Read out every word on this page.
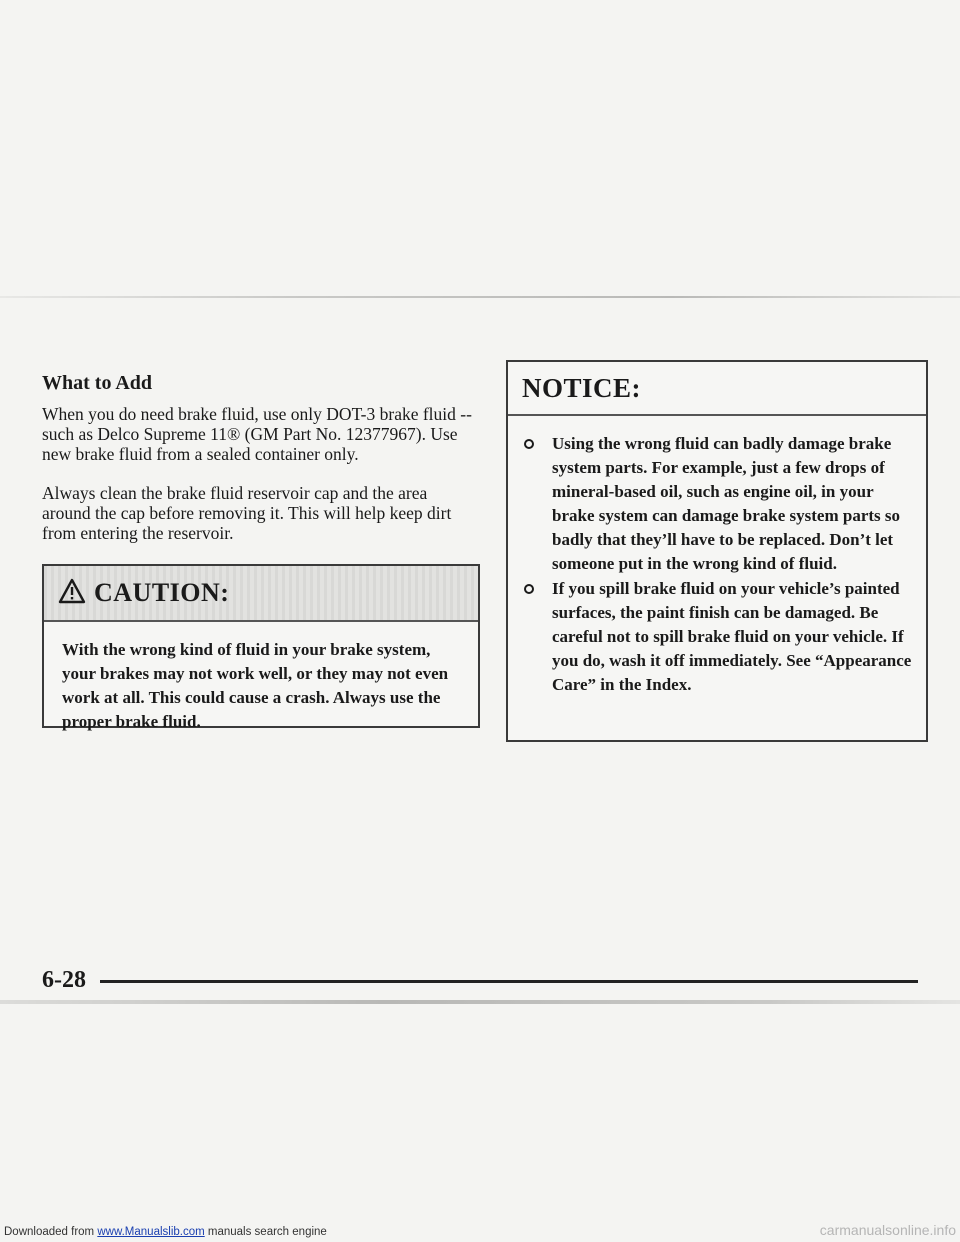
What to Add

When you do need brake fluid, use only DOT-3 brake fluid -- such as Delco Supreme 11® (GM Part No. 12377967). Use new brake fluid from a sealed container only.

Always clean the brake fluid reservoir cap and the area around the cap before removing it. This will help keep dirt from entering the reservoir.

CAUTION:

With the wrong kind of fluid in your brake system, your brakes may not work well, or they may not even work at all. This could cause a crash. Always use the proper brake fluid.

NOTICE:
Using the wrong fluid can badly damage brake system parts. For example, just a few drops of mineral-based oil, such as engine oil, in your brake system can damage brake system parts so badly that they’ll have to be replaced. Don’t let someone put in the wrong kind of fluid.
If you spill brake fluid on your vehicle’s painted surfaces, the paint finish can be damaged. Be careful not to spill brake fluid on your vehicle. If you do, wash it off immediately. See “Appearance Care” in the Index.

6-28

Downloaded from www.Manualslib.com manuals search engine	carmanualsonline.info
